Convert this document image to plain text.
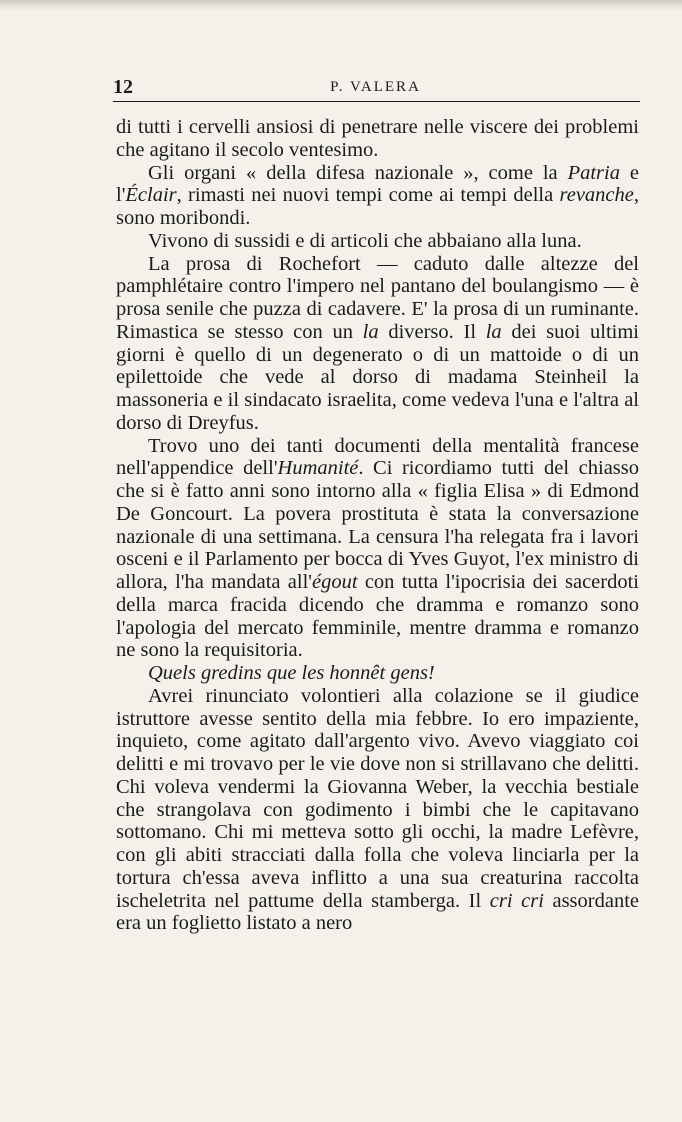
12	P. VALERA

di tutti i cervelli ansiosi di penetrare nelle viscere dei problemi che agitano il secolo ventesimo.

Gli organi « della difesa nazionale », come la Patria e l'Éclair, rimasti nei nuovi tempi come ai tempi della revanche, sono moribondi.

Vivono di sussidi e di articoli che abbaiano alla luna.

La prosa di Rochefort — caduto dalle altezze del pamphlétaire contro l'impero nel pantano del boulangismo — è prosa senile che puzza di cadavere. E' la prosa di un ruminante. Rimastica se stesso con un la diverso. Il la dei suoi ultimi giorni è quello di un degenerato o di un mattoide o di un epilettoide che vede al dorso di madama Steinheil la massoneria e il sindacato israelita, come vedeva l'una e l'altra al dorso di Dreyfus.

Trovo uno dei tanti documenti della mentalità francese nell'appendice dell'Humanité. Ci ricordiamo tutti del chiasso che si è fatto anni sono intorno alla « figlia Elisa » di Edmond De Goncourt. La povera prostituta è stata la conversazione nazionale di una settimana. La censura l'ha relegata fra i lavori osceni e il Parlamento per bocca di Yves Guyot, l'ex ministro di allora, l'ha mandata all'égout con tutta l'ipocrisia dei sacerdoti della marca fracida dicendo che dramma e romanzo sono l'apologia del mercato femminile, mentre dramma e romanzo ne sono la requisitoria.

Quels gredins que les honnêt gens!

Avrei rinunciato volontieri alla colazione se il giudice istruttore avesse sentito della mia febbre. Io ero impaziente, inquieto, come agitato dall'argento vivo. Avevo viaggiato coi delitti e mi trovavo per le vie dove non si strillavano che delitti. Chi voleva vendermi la Giovanna Weber, la vecchia bestiale che strangolava con godimento i bimbi che le capitavano sottomano. Chi mi metteva sotto gli occhi, la madre Lefèvre, con gli abiti stracciati dalla folla che voleva linciarla per la tortura ch'essa aveva inflitto a una sua creaturina raccolta ischeletrita nel pattume della stamberga. Il cri cri assordante era un foglietto listato a nero
